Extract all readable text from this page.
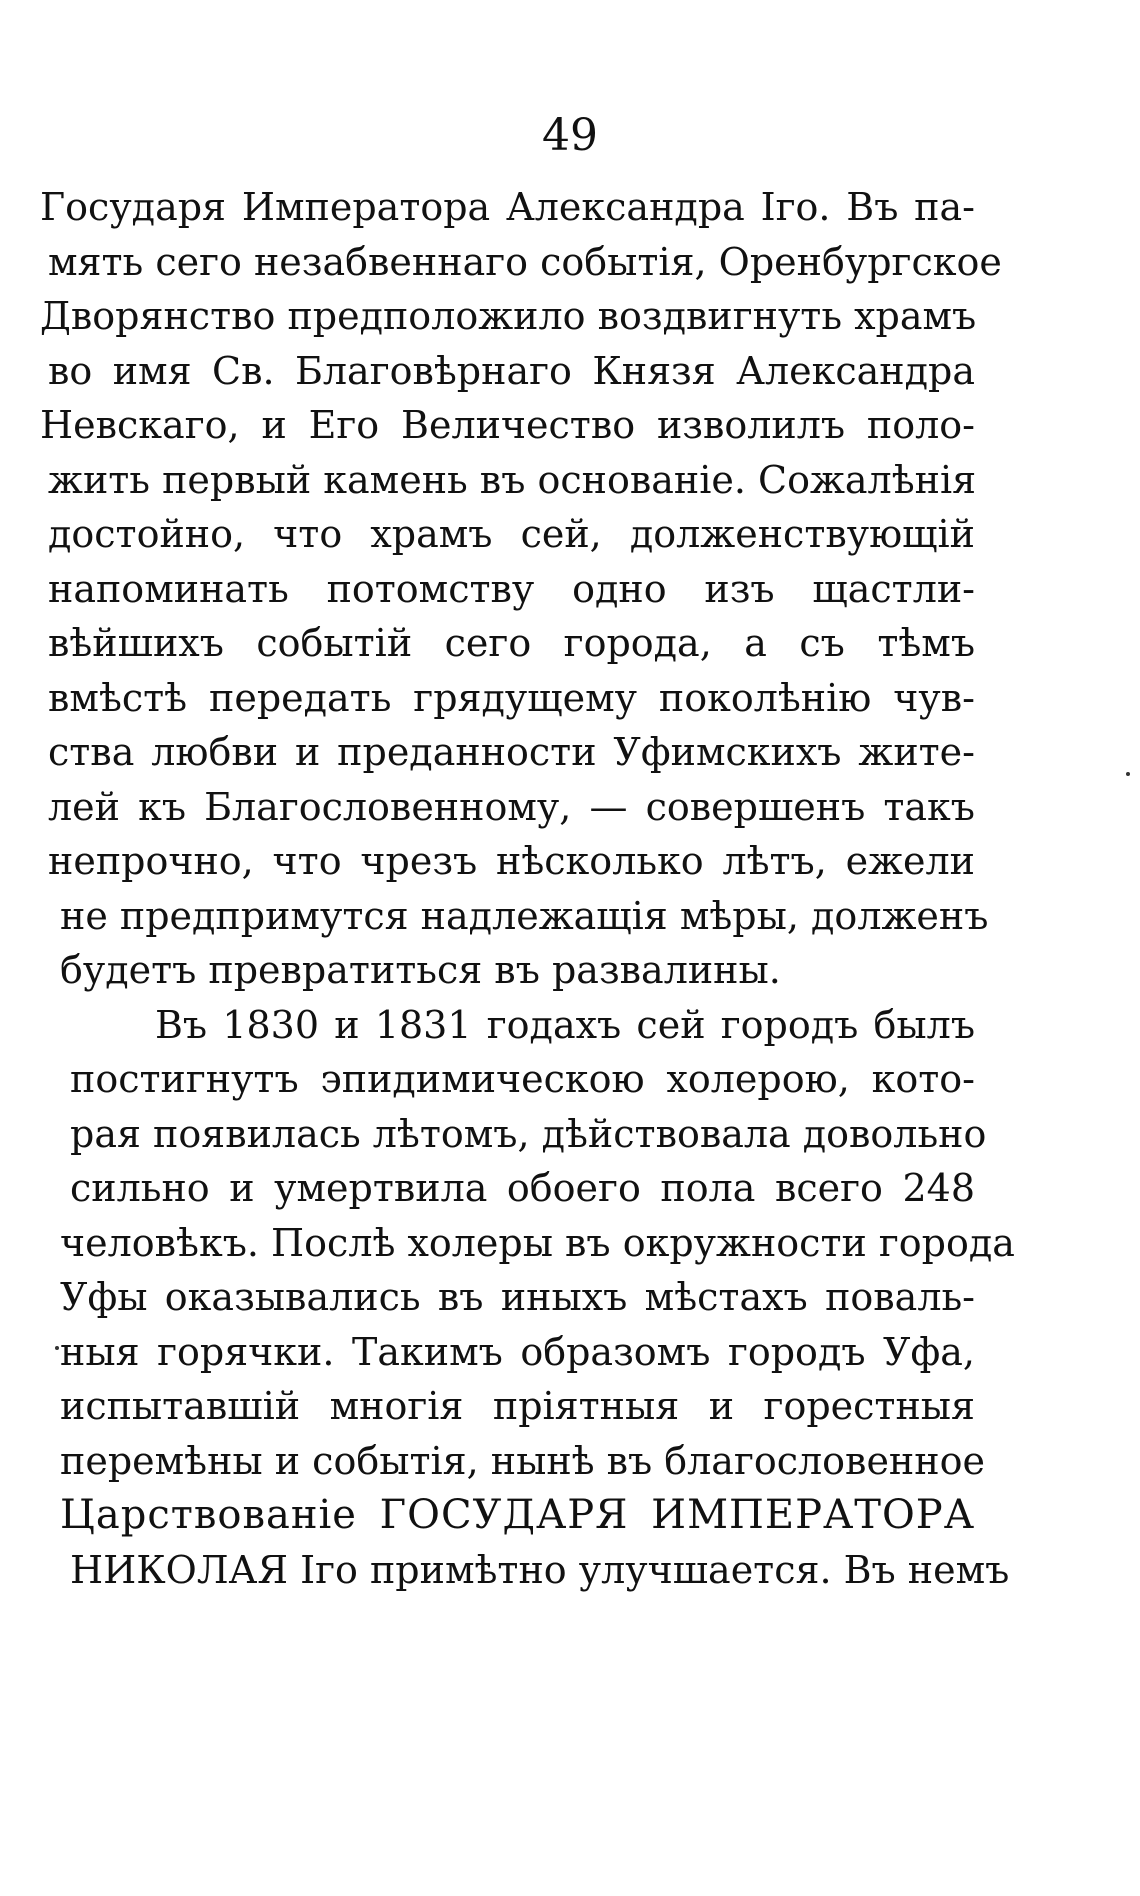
49
Государя Императора Александра Iго. Въ па-
мять сего незабвеннаго событія, Оренбургское
Дворянство предположило воздвигнуть храмъ
во имя Св. Благовѣрнаго Князя Александра
Невскаго, и Его Величество изволилъ поло-
жить первый камень въ основаніе. Сожалѣнія
достойно, что храмъ сей, долженствующій
напоминать потомству одно изъ щастли-
вѣйшихъ событій сего города, а съ тѣмъ
вмѣстѣ передать грядущему поколѣнію чув-
ства любви и преданности Уфимскихъ жите-
лей къ Благословенному, — совершенъ такъ
непрочно, что чрезъ нѣсколько лѣтъ, ежели
не предпримутся надлежащія мѣры, долженъ
будетъ превратиться въ развалины.
Въ 1830 и 1831 годахъ сей городъ былъ
постигнутъ эпидимическою холерою, кото-
рая появилась лѣтомъ, дѣйствовала довольно
сильно и умертвила обоего пола всего 248
человѣкъ. Послѣ холеры въ окружности города
Уфы оказывались въ иныхъ мѣстахъ поваль-
ныя горячки. Такимъ образомъ городъ Уфа,
испытавшій многія пріятныя и горестныя
перемѣны и событія, нынѣ въ благословенное
Царствованіе ГОСУДАРЯ ИМПЕРАТОРА
НИКОЛАЯ Iго примѣтно улучшается. Въ немъ
